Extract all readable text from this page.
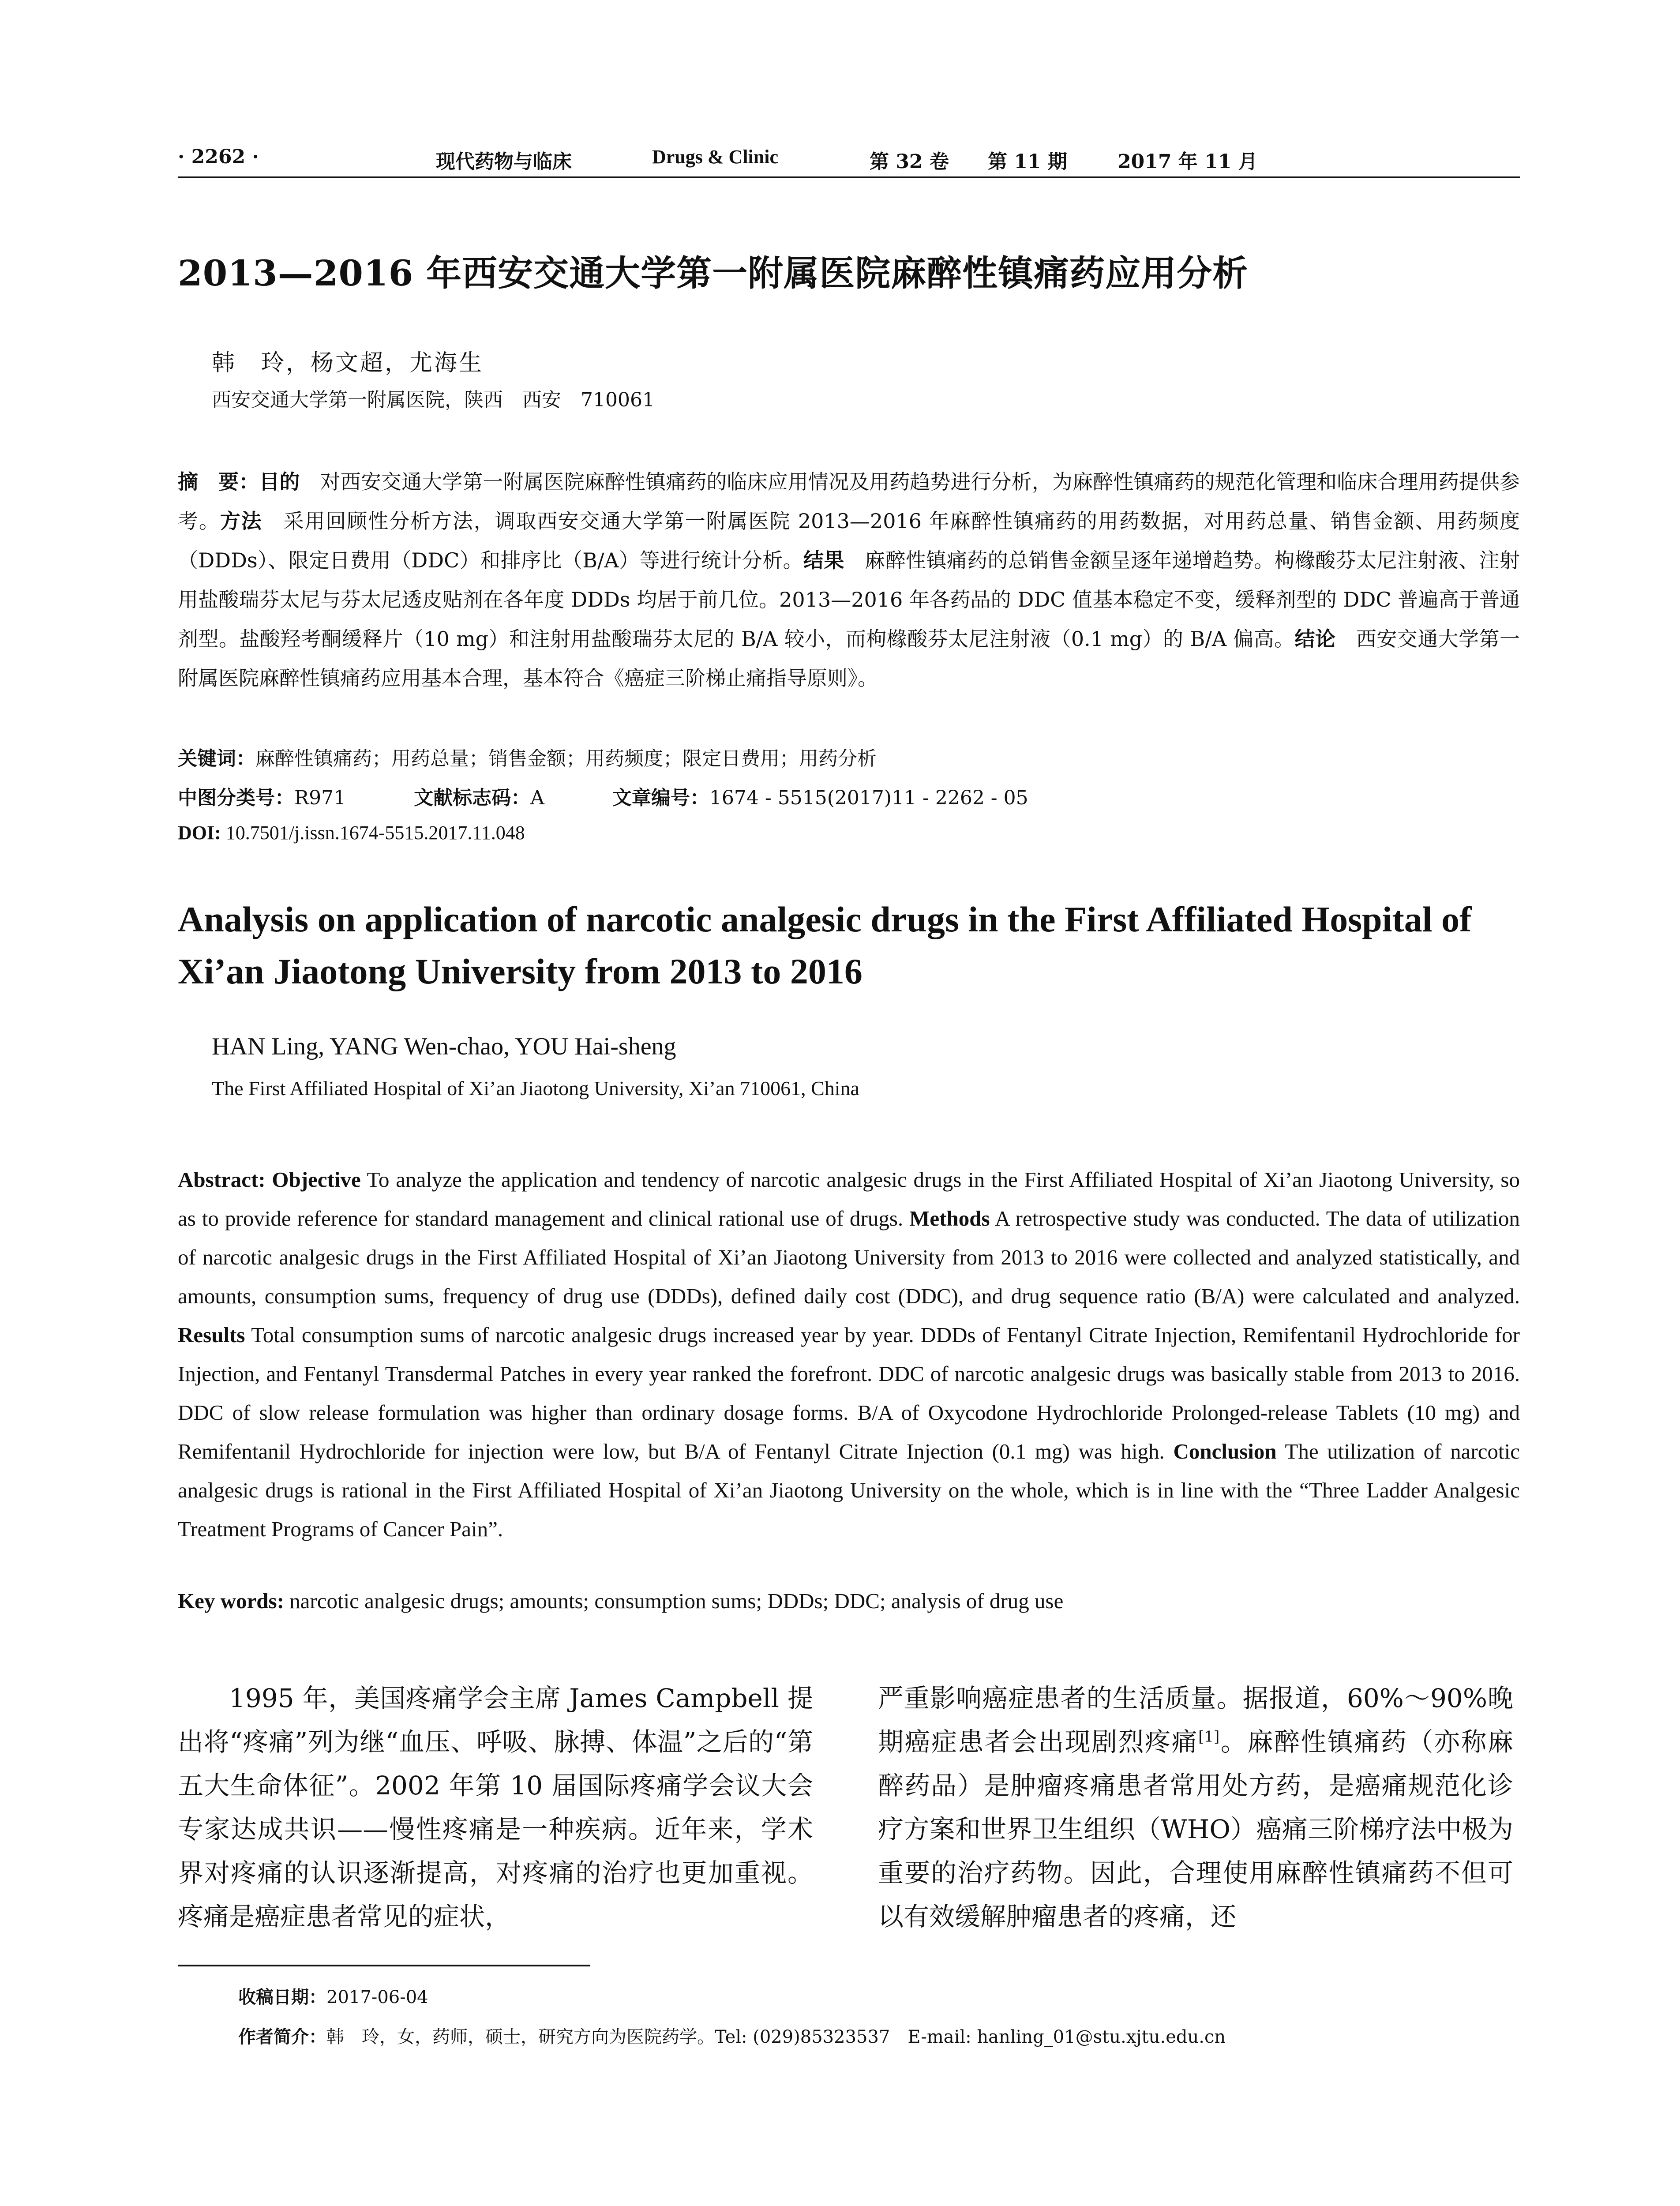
· 2262 ·	现代药物与临床	Drugs & Clinic	第 32 卷 第 11 期	2017 年 11 月
2013—2016 年西安交通大学第一附属医院麻醉性镇痛药应用分析
韩　玲，杨文超，尤海生
西安交通大学第一附属医院，陕西　西安　710061
摘　要：目的　对西安交通大学第一附属医院麻醉性镇痛药的临床应用情况及用药趋势进行分析，为麻醉性镇痛药的规范化管理和临床合理用药提供参考。方法　采用回顾性分析方法，调取西安交通大学第一附属医院 2013—2016 年麻醉性镇痛药的用药数据，对用药总量、销售金额、用药频度（DDDs）、限定日费用（DDC）和排序比（B/A）等进行统计分析。结果　麻醉性镇痛药的总销售金额呈逐年递增趋势。枸橼酸芬太尼注射液、注射用盐酸瑞芬太尼与芬太尼透皮贴剂在各年度 DDDs 均居于前几位。2013—2016 年各药品的 DDC 值基本稳定不变，缓释剂型的 DDC 普遍高于普通剂型。盐酸羟考酮缓释片（10 mg）和注射用盐酸瑞芬太尼的 B/A 较小，而枸橼酸芬太尼注射液（0.1 mg）的 B/A 偏高。结论　西安交通大学第一附属医院麻醉性镇痛药应用基本合理，基本符合《癌症三阶梯止痛指导原则》。
关键词：麻醉性镇痛药；用药总量；销售金额；用药频度；限定日费用；用药分析
中图分类号：R971	文献标志码：A	文章编号：1674 - 5515(2017)11 - 2262 - 05
DOI: 10.7501/j.issn.1674-5515.2017.11.048
Analysis on application of narcotic analgesic drugs in the First Affiliated Hospital of Xi’an Jiaotong University from 2013 to 2016
HAN Ling, YANG Wen-chao, YOU Hai-sheng
The First Affiliated Hospital of Xi’an Jiaotong University, Xi’an 710061, China
Abstract: Objective To analyze the application and tendency of narcotic analgesic drugs in the First Affiliated Hospital of Xi’an Jiaotong University, so as to provide reference for standard management and clinical rational use of drugs. Methods A retrospective study was conducted. The data of utilization of narcotic analgesic drugs in the First Affiliated Hospital of Xi’an Jiaotong University from 2013 to 2016 were collected and analyzed statistically, and amounts, consumption sums, frequency of drug use (DDDs), defined daily cost (DDC), and drug sequence ratio (B/A) were calculated and analyzed. Results Total consumption sums of narcotic analgesic drugs increased year by year. DDDs of Fentanyl Citrate Injection, Remifentanil Hydrochloride for Injection, and Fentanyl Transdermal Patches in every year ranked the forefront. DDC of narcotic analgesic drugs was basically stable from 2013 to 2016. DDC of slow release formulation was higher than ordinary dosage forms. B/A of Oxycodone Hydrochloride Prolonged-release Tablets (10 mg) and Remifentanil Hydrochloride for injection were low, but B/A of Fentanyl Citrate Injection (0.1 mg) was high. Conclusion The utilization of narcotic analgesic drugs is rational in the First Affiliated Hospital of Xi’an Jiaotong University on the whole, which is in line with the “Three Ladder Analgesic Treatment Programs of Cancer Pain”.
Key words: narcotic analgesic drugs; amounts; consumption sums; DDDs; DDC; analysis of drug use
1995 年，美国疼痛学会主席 James Campbell 提出将“疼痛”列为继“血压、呼吸、脉搏、体温”之后的“第五大生命体征”。2002 年第 10 届国际疼痛学会议大会专家达成共识——慢性疼痛是一种疾病。近年来，学术界对疼痛的认识逐渐提高，对疼痛的治疗也更加重视。疼痛是癌症患者常见的症状，
严重影响癌症患者的生活质量。据报道，60%～90%晚期癌症患者会出现剧烈疼痛[1]。麻醉性镇痛药（亦称麻醉药品）是肿瘤疼痛患者常用处方药，是癌痛规范化诊疗方案和世界卫生组织（WHO）癌痛三阶梯疗法中极为重要的治疗药物。因此，合理使用麻醉性镇痛药不但可以有效缓解肿瘤患者的疼痛，还
收稿日期：2017-06-04
作者简介：韩　玲，女，药师，硕士，研究方向为医院药学。Tel: (029)85323537　E-mail: hanling_01@stu.xjtu.edu.cn
